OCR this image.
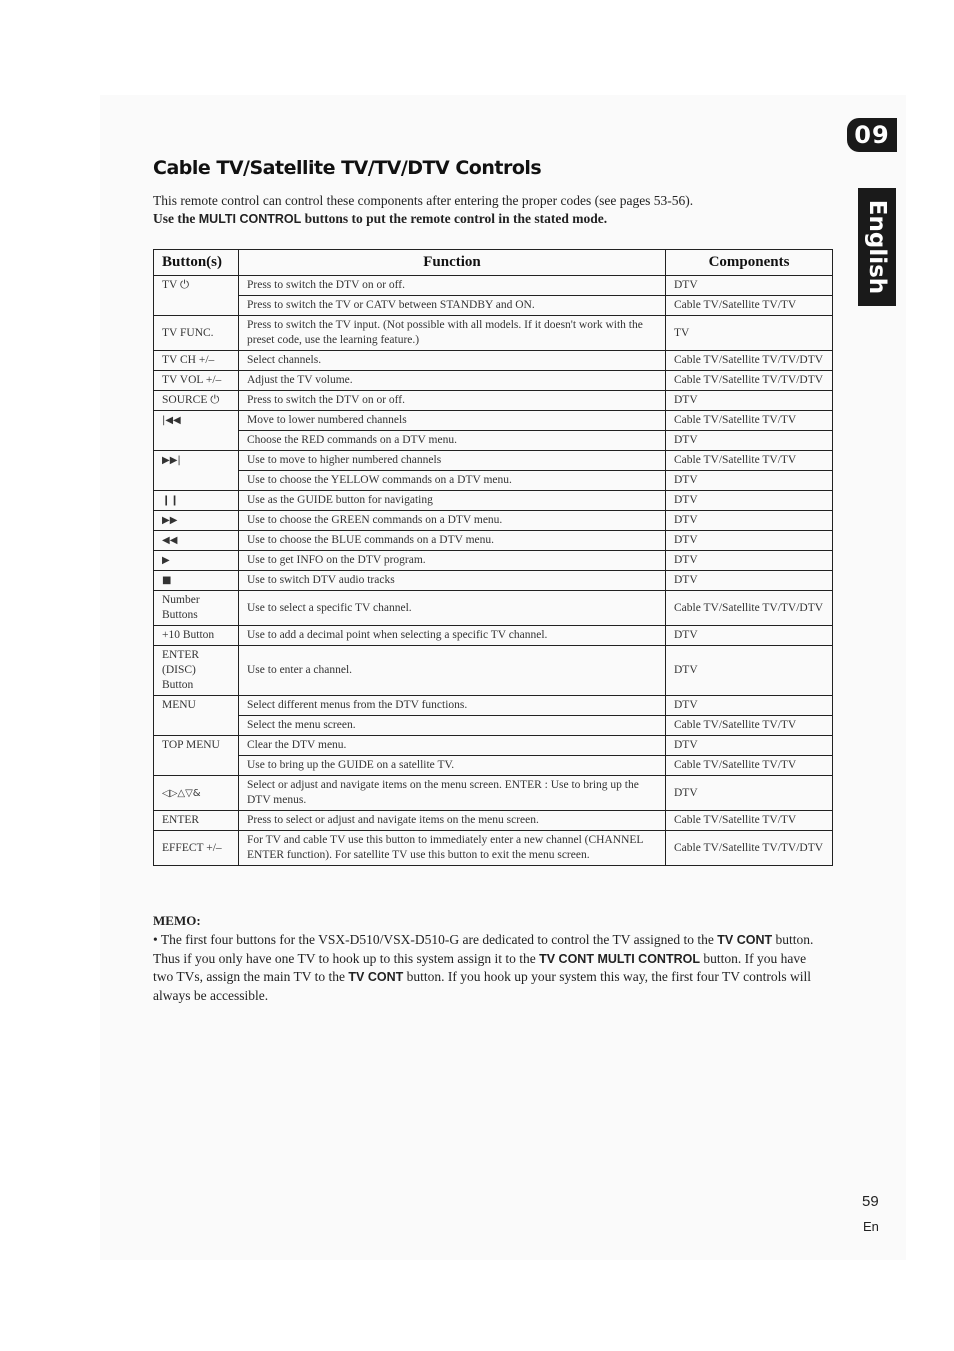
09
English
Cable TV/Satellite TV/TV/DTV Controls
This remote control can control these components after entering the proper codes (see pages 53-56).
Use the MULTI CONTROL buttons to put the remote control in the stated mode.
Button(s)	Function	Components
TV ⏻	Press to switch the DTV on or off.	DTV
	Press to switch the TV or CATV between STANDBY and ON.	Cable TV/Satellite TV/TV
TV FUNC.	Press to switch the TV input. (Not possible with all models. If it doesn't work with the preset code, use the learning feature.)	TV
TV CH +/–	Select channels.	Cable TV/Satellite TV/TV/DTV
TV VOL +/–	Adjust the TV volume.	Cable TV/Satellite TV/TV/DTV
SOURCE ⏻	Press to switch the DTV on or off.	DTV
|◀◀	Move to lower numbered channels	Cable TV/Satellite TV/TV
	Choose the RED commands on a DTV menu.	DTV
▶▶|	Use to move to higher numbered channels	Cable TV/Satellite TV/TV
	Use to choose the YELLOW commands on a DTV menu.	DTV
❙❙	Use as the GUIDE button for navigating	DTV
▶▶	Use to choose the GREEN commands on a DTV menu.	DTV
◀◀	Use to choose the BLUE commands on a DTV menu.	DTV
▶	Use to get INFO on the DTV program.	DTV
■	Use to switch DTV audio tracks	DTV
Number Buttons	Use to select a specific TV channel.	Cable TV/Satellite TV/TV/DTV
+10 Button	Use to add a decimal point when selecting a specific TV channel.	DTV
ENTER (DISC) Button	Use to enter a channel.	DTV
MENU	Select different menus from the DTV functions.	DTV
	Select the menu screen.	Cable TV/Satellite TV/TV
TOP MENU	Clear the DTV menu.	DTV
	Use to bring up the GUIDE on a satellite TV.	Cable TV/Satellite TV/TV
◁▷△▽&	Select or adjust and navigate items on the menu screen. ENTER : Use to bring up the DTV menus.	DTV
ENTER	Press to select or adjust and navigate items on the menu screen.	Cable TV/Satellite TV/TV
EFFECT +/–	For TV and cable TV use this button to immediately enter a new channel (CHANNEL ENTER function). For satellite TV use this button to exit the menu screen.	Cable TV/Satellite TV/TV/DTV
MEMO:
• The first four buttons for the VSX-D510/VSX-D510-G are dedicated to control the TV assigned to the TV CONT button. Thus if you only have one TV to hook up to this system assign it to the TV CONT MULTI CONTROL button. If you have two TVs, assign the main TV to the TV CONT button. If you hook up your system this way, the first four TV controls will always be accessible.
59
En
